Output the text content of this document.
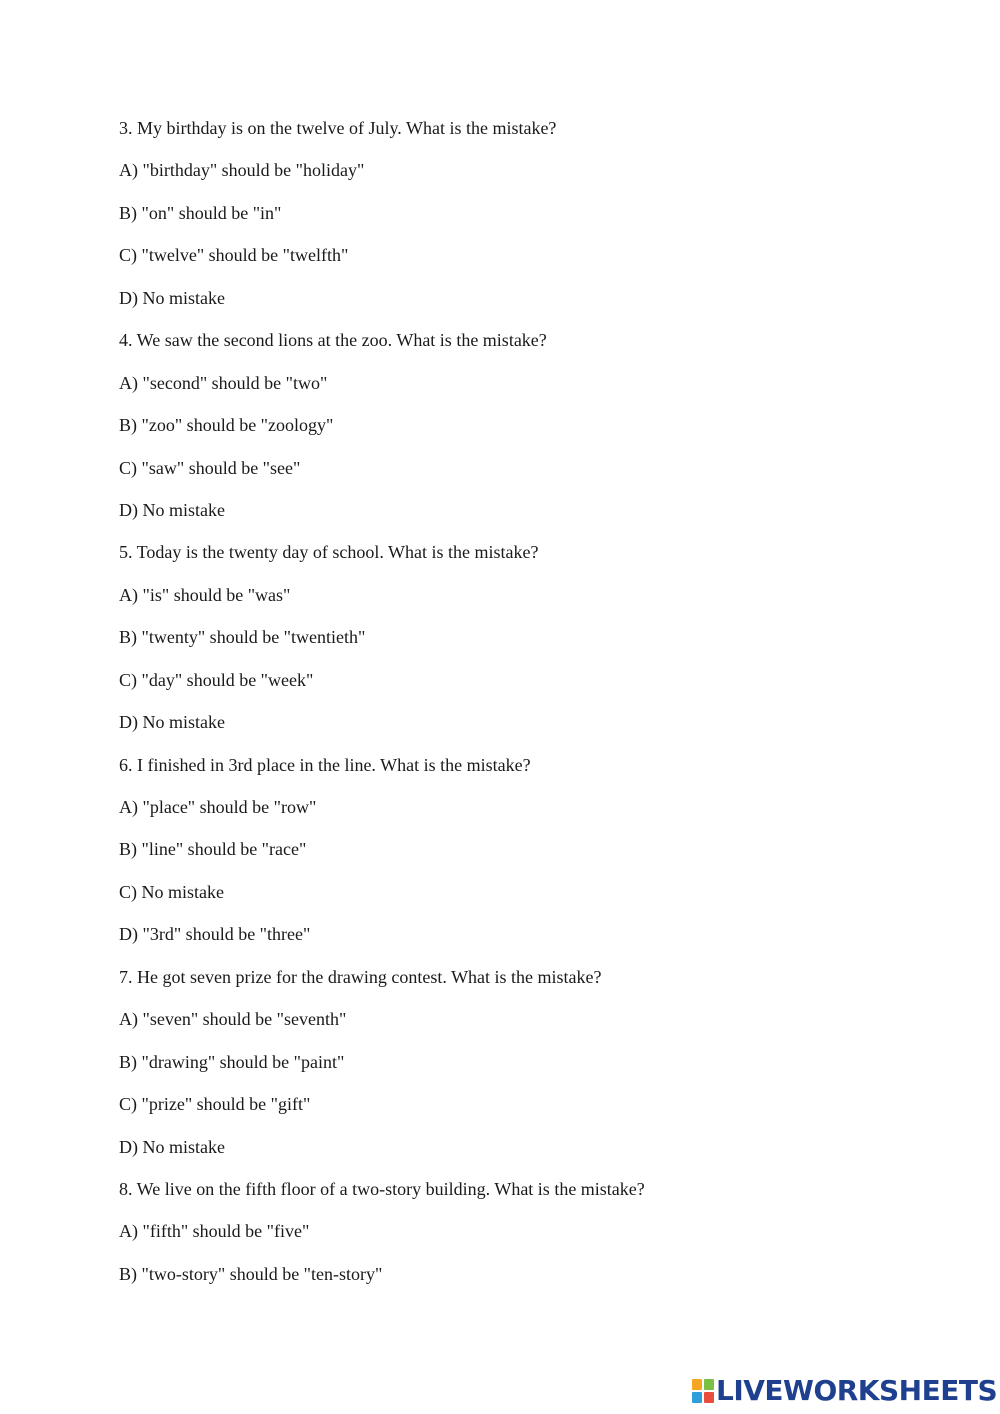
3. My birthday is on the twelve of July. What is the mistake?
A) "birthday" should be "holiday"
B) "on" should be "in"
C) "twelve" should be "twelfth"
D) No mistake
4. We saw the second lions at the zoo. What is the mistake?
A) "second" should be "two"
B) "zoo" should be "zoology"
C) "saw" should be "see"
D) No mistake
5. Today is the twenty day of school. What is the mistake?
A) "is" should be "was"
B) "twenty" should be "twentieth"
C) "day" should be "week"
D) No mistake
6. I finished in 3rd place in the line. What is the mistake?
A) "place" should be "row"
B) "line" should be "race"
C) No mistake
D) "3rd" should be "three"
7. He got seven prize for the drawing contest. What is the mistake?
A) "seven" should be "seventh"
B) "drawing" should be "paint"
C) "prize" should be "gift"
D) No mistake
8. We live on the fifth floor of a two-story building. What is the mistake?
A) "fifth" should be "five"
B) "two-story" should be "ten-story"
LIVEWORKSHEETS
